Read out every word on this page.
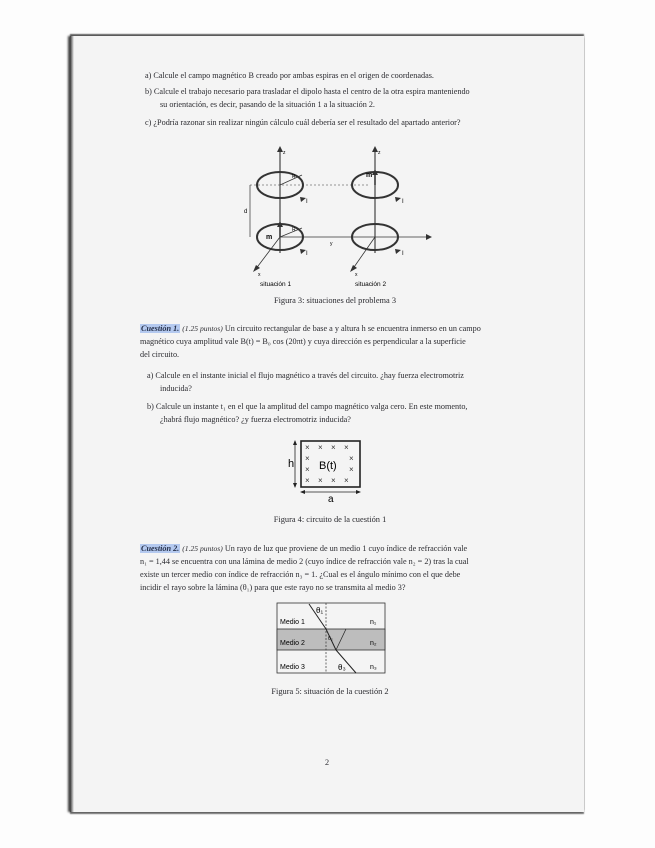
a) Calcule el campo magnético B creado por ambas espiras en el origen de coordenadas.
b) Calcule el trabajo necesario para trasladar el dipolo hasta el centro de la otra espira manteniendo
su orientación, es decir, pasando de la situación 1 a la situación 2.
c) ¿Podría razonar sin realizar ningún cálculo cuál debería ser el resultado del apartado anterior?
z	z
R
R
I
I
I
I
d
m
m
y
x	x
situación 1	situación 2
Figura 3: situaciones del problema 3
Cuestión 1. (1.25 puntos) Un circuito rectangular de base a y altura h se encuentra inmerso en un campo
magnético cuya amplitud vale B(t) = B₀ cos (20πt) y cuya dirección es perpendicular a la superficie
del circuito.
a) Calcule en el instante inicial el flujo magnético a través del circuito. ¿hay fuerza electromotriz
inducida?
b) Calcule un instante t₁ en el que la amplitud del campo magnético valga cero. En este momento,
¿habrá flujo magnético? ¿y fuerza electromotriz inducida?
h
a
B(t)
× × × ×
×	×
×	×
× × × ×
Figura 4: circuito de la cuestión 1
Cuestión 2. (1.25 puntos) Un rayo de luz que proviene de un medio 1 cuyo índice de refracción vale
n₁ = 1,44 se encuentra con una lámina de medio 2 (cuyo índice de refracción vale n₂ = 2) tras la cual
existe un tercer medio con índice de refracción n₃ = 1. ¿Cual es el ángulo mínimo con el que debe
incidir el rayo sobre la lámina (θ₁) para que este rayo no se transmita al medio 3?
Medio 1
Medio 2
Medio 3
n₁
n₂
n₃
θ₁
θ₂
θ₃
Figura 5: situación de la cuestión 2
2
